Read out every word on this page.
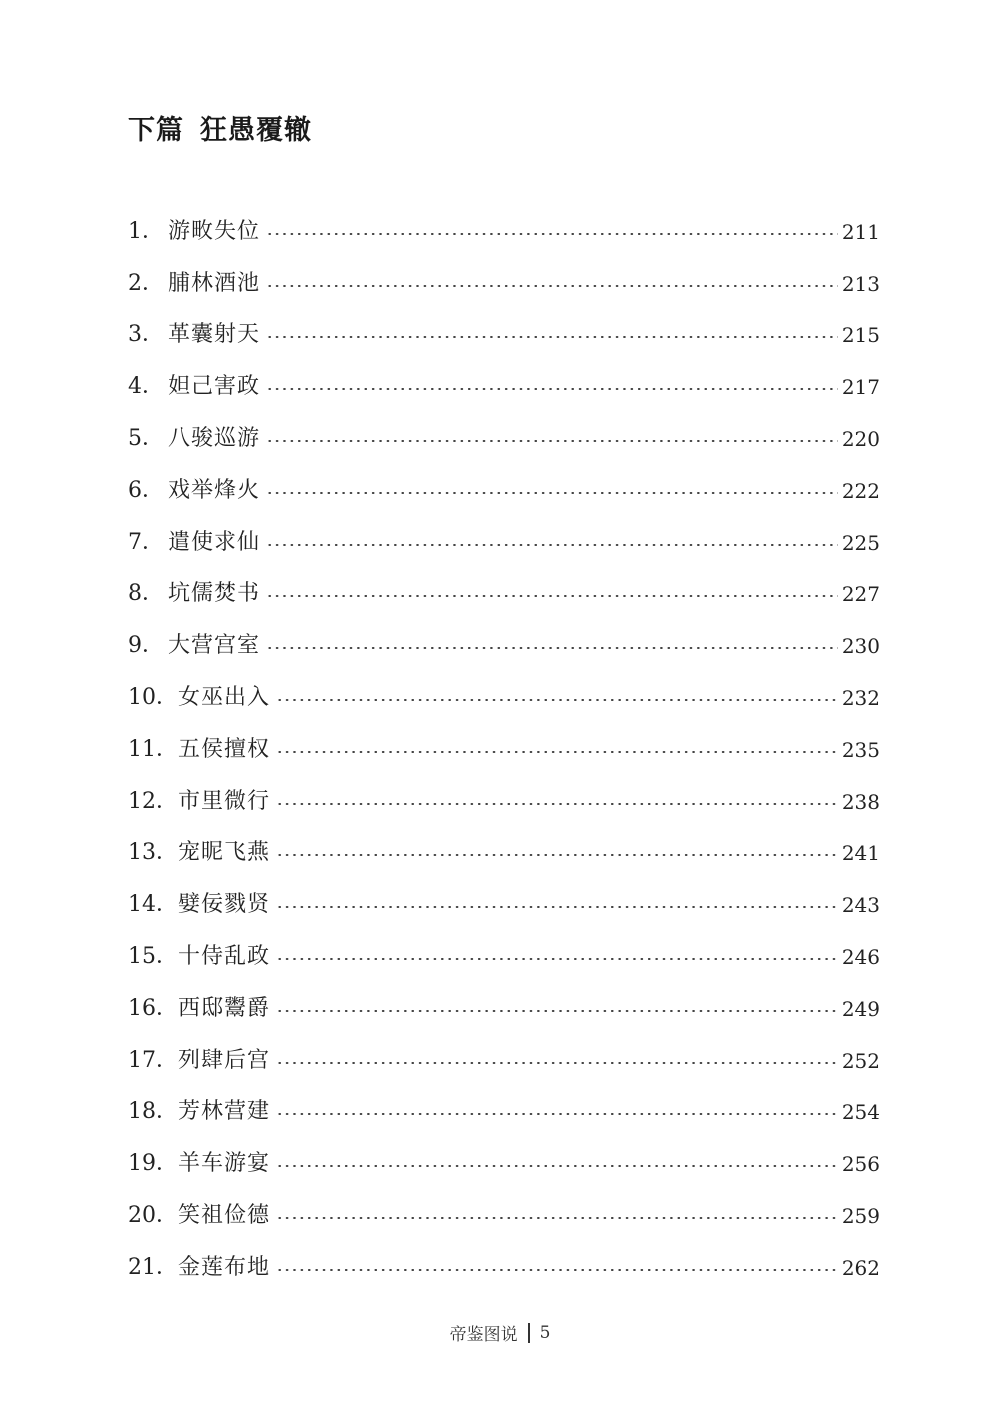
下篇 狂愚覆辙
1． 游畋失位	211
2． 脯林酒池	213
3． 革囊射天	215
4． 妲己害政	217
5． 八骏巡游	220
6． 戏举烽火	222
7． 遣使求仙	225
8． 坑儒焚书	227
9． 大营宫室	230
10． 女巫出入	232
11． 五侯擅权	235
12． 市里微行	238
13． 宠昵飞燕	241
14． 嬖佞戮贤	243
15． 十侍乱政	246
16． 西邸鬻爵	249
17． 列肆后宫	252
18． 芳林营建	254
19． 羊车游宴	256
20． 笑祖俭德	259
21． 金莲布地	262
帝鉴图说 5
